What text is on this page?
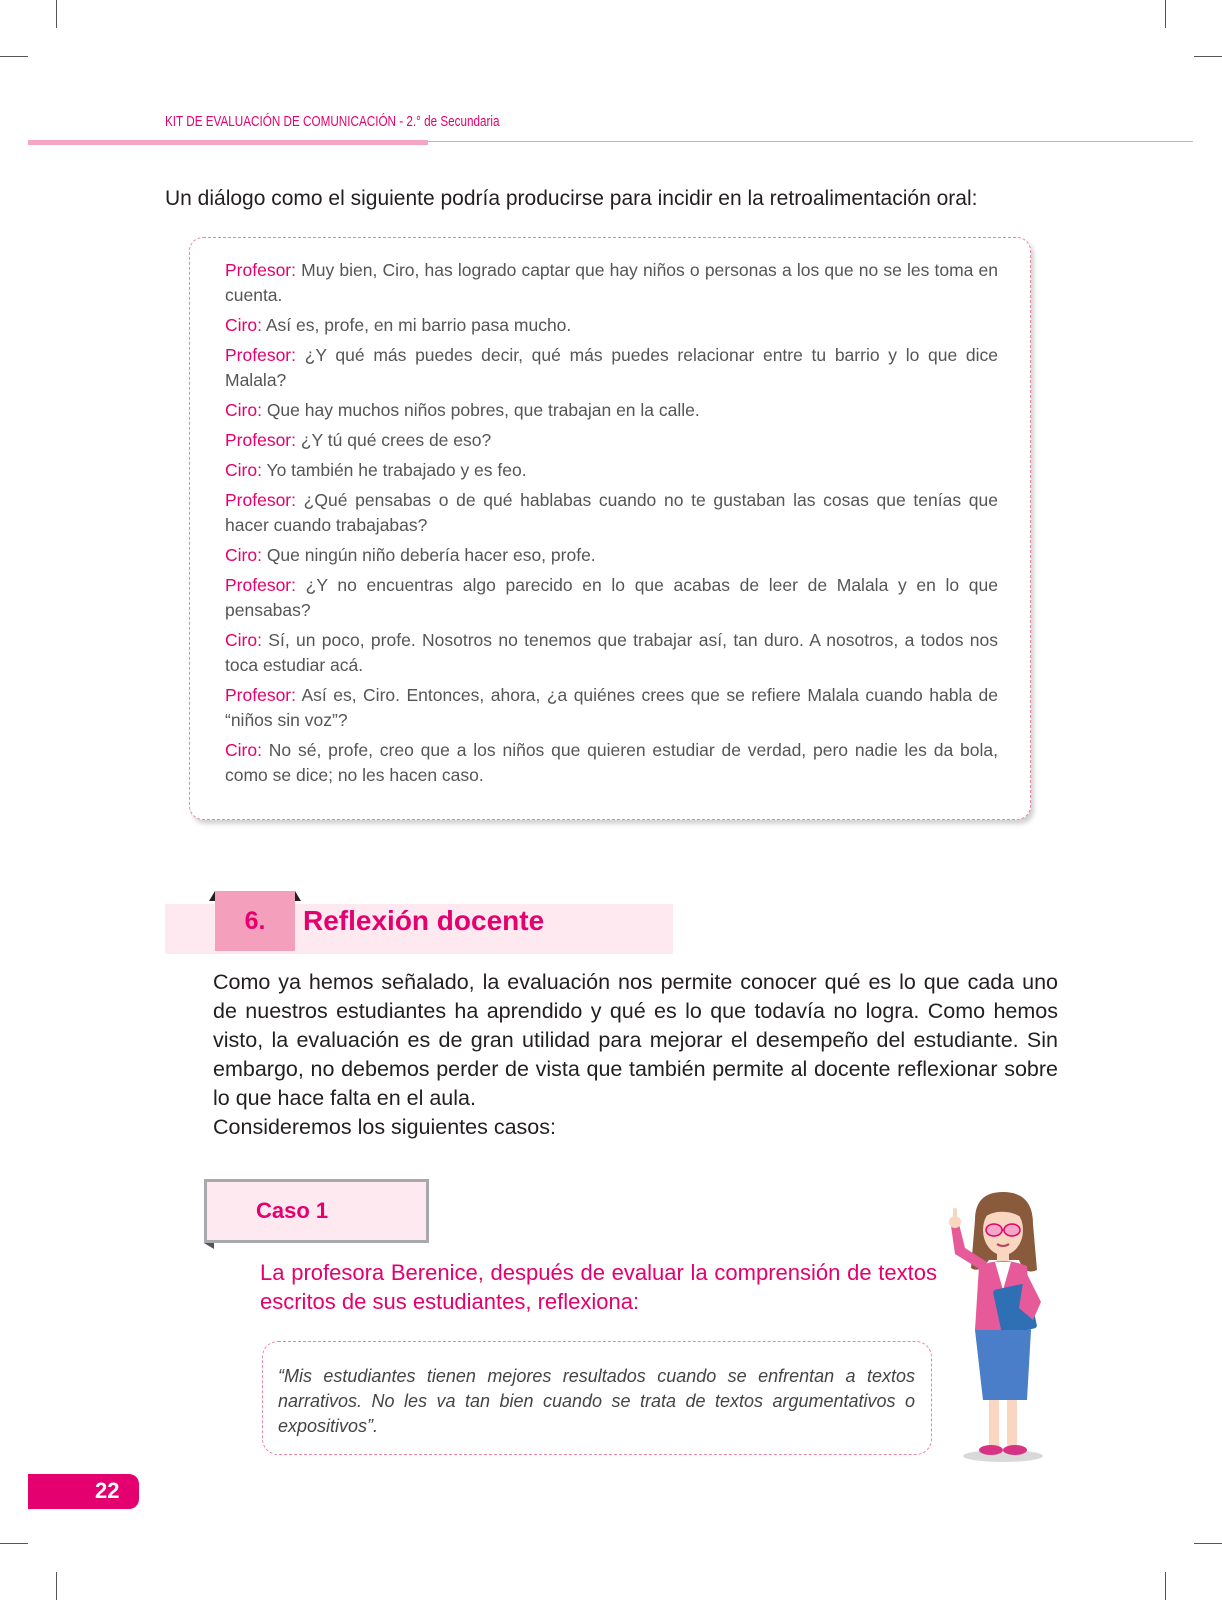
KIT DE EVALUACIÓN DE COMUNICACIÓN - 2.° de Secundaria
Un diálogo como el siguiente podría producirse para incidir en la retroalimentación oral:

Profesor: Muy bien, Ciro, has logrado captar que hay niños o personas a los que no se les toma en cuenta.

Ciro: Así es, profe, en mi barrio pasa mucho.

Profesor: ¿Y qué más puedes decir, qué más puedes relacionar entre tu barrio y lo que dice Malala?

Ciro: Que hay muchos niños pobres, que trabajan en la calle.

Profesor: ¿Y tú qué crees de eso?

Ciro: Yo también he trabajado y es feo.

Profesor: ¿Qué pensabas o de qué hablabas cuando no te gustaban las cosas que tenías que hacer cuando trabajabas?

Ciro: Que ningún niño debería hacer eso, profe.

Profesor: ¿Y no encuentras algo parecido en lo que acabas de leer de Malala y en lo que pensabas?

Ciro: Sí, un poco, profe. Nosotros no tenemos que trabajar así, tan duro. A nosotros, a todos nos toca estudiar acá.

Profesor: Así es, Ciro. Entonces, ahora, ¿a quiénes crees que se refiere Malala cuando habla de “niños sin voz”?

Ciro: No sé, profe, creo que a los niños que quieren estudiar de verdad, pero nadie les da bola, como se dice; no les hacen caso.

6.	Reflexión docente

Como ya hemos señalado, la evaluación nos permite conocer qué es lo que cada uno de nuestros estudiantes ha aprendido y qué es lo que todavía no logra. Como hemos visto, la evaluación es de gran utilidad para mejorar el desempeño del estudiante. Sin embargo, no debemos perder de vista que también permite al docente reflexionar sobre lo que hace falta en el aula.

Consideremos los siguientes casos:

Caso 1
La profesora Berenice, después de evaluar la comprensión de textos escritos de sus estudiantes, reflexiona:
“Mis estudiantes tienen mejores resultados cuando se enfrentan a textos narrativos. No les va tan bien cuando se trata de textos argumentativos o expositivos”.
22
